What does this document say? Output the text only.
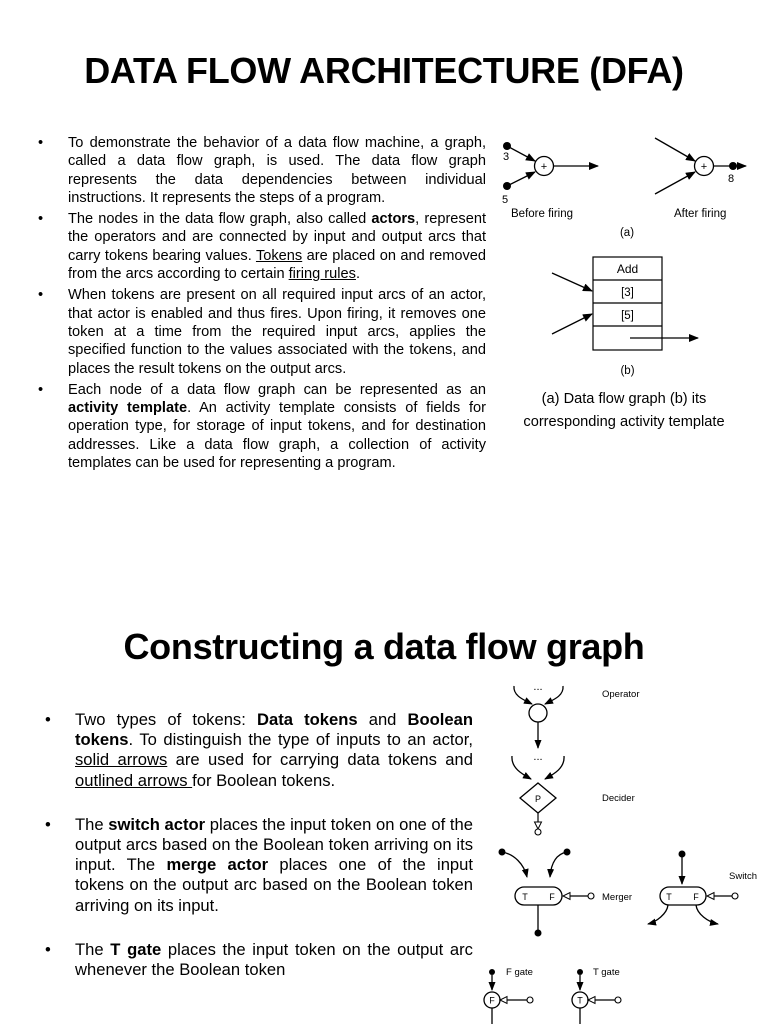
DATA FLOW ARCHITECTURE (DFA)
• To demonstrate the behavior of a data flow machine, a graph, called a data flow graph, is used. The data flow graph represents the data dependencies between individual instructions. It represents the steps of a program.
• The nodes in the data flow graph, also called actors, represent the operators and are connected by input and output arcs that carry tokens bearing values. Tokens are placed on and removed from the arcs according to certain firing rules.
• When tokens are present on all required input arcs of an actor, that actor is enabled and thus fires. Upon firing, it removes one token at a time from the required input arcs, applies the specified function to the values associated with the tokens, and places the result tokens on the output arcs.
• Each node of a data flow graph can be represented as an activity template. An activity template consists of fields for operation type, for storage of input tokens, and for destination addresses. Like a data flow graph, a collection of activity templates can be used for representing a program.
+
3
5
Before firing
+
8
After firing
(a)
Add
[3]
[5]
(b)
(a) Data flow graph (b) its
corresponding activity template
Constructing a data flow graph
• Two types of tokens: Data tokens and Boolean tokens. To distinguish the type of inputs to an actor, solid arrows are used for carrying data tokens and outlined arrows for Boolean tokens.
• The switch actor places the input token on one of the output arcs based on the Boolean token arriving on its input. The merge actor places one of the input tokens on the output arc based on the Boolean token arriving on its input.
• The T gate places the input token on the output arc whenever the Boolean token
...
Operator
...
P	Decider
T F	Merger	T F
Switch
F
F gate
T
T gate
